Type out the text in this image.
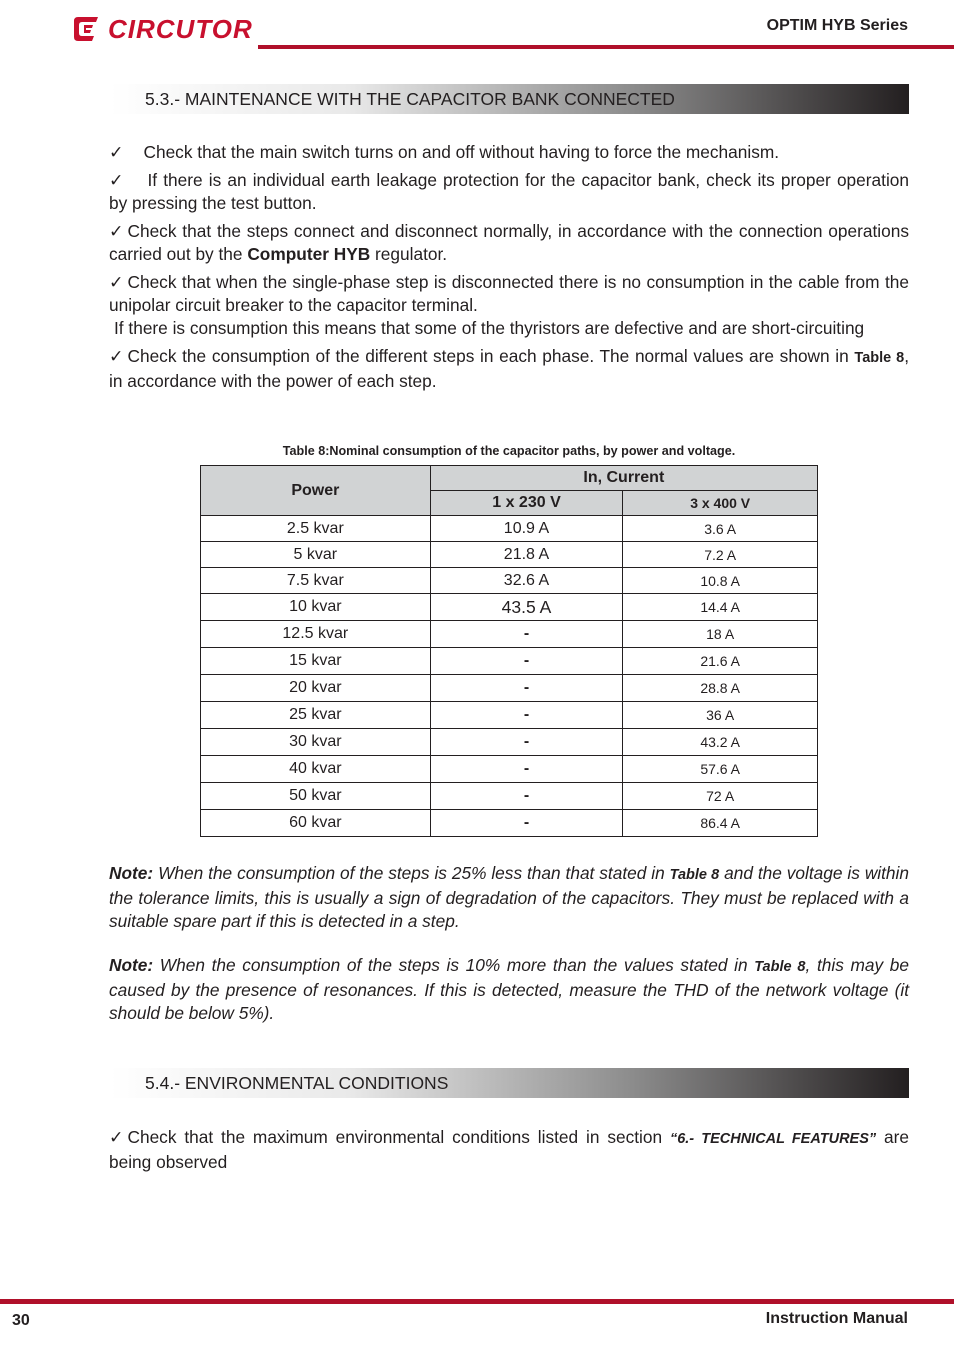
CIRCUTOR	OPTIM HYB Series
5.3.- MAINTENANCE WITH THE CAPACITOR BANK CONNECTED

✓ Check that the main switch turns on and off without having to force the mechanism.

✓ If there is an individual earth leakage protection for the capacitor bank, check its proper operation by pressing the test button.

✓ Check that the steps connect and disconnect normally, in accordance with the connection operations carried out by the Computer HYB regulator.

✓ Check that when the single-phase step is disconnected there is no consumption in the cable from the unipolar circuit breaker to the capacitor terminal.

If there is consumption this means that some of the thyristors are defective and are short-circuiting

✓ Check the consumption of the different steps in each phase. The normal values are shown in Table 8, in accordance with the power of each step.

Table 8:Nominal consumption of the capacitor paths, by power and voltage.
Power	In, Current	
	1 x 230 V	3 x 400 V
2.5 kvar	10.9 A	3.6 A
5 kvar	21.8 A	7.2 A
7.5 kvar	32.6 A	10.8 A
10 kvar	43.5 A	14.4 A
12.5 kvar	-	18 A
15 kvar	-	21.6 A
20 kvar	-	28.8 A
25 kvar	-	36 A
30 kvar	-	43.2 A
40 kvar	-	57.6 A
50 kvar	-	72 A
60 kvar	-	86.4 A
Note: When the consumption of the steps is 25% less than that stated in Table 8 and the voltage is within the tolerance limits, this is usually a sign of degradation of the capacitors. They must be replaced with a suitable spare part if this is detected in a step.
Note: When the consumption of the steps is 10% more than the values stated in Table 8, this may be caused by the presence of resonances. If this is detected, measure the THD of the network voltage (it should be below 5%).
5.4.- ENVIRONMENTAL CONDITIONS

✓ Check that the maximum environmental conditions listed in section “6.- TECHNICAL FEATURES” are being observed

30	Instruction Manual
